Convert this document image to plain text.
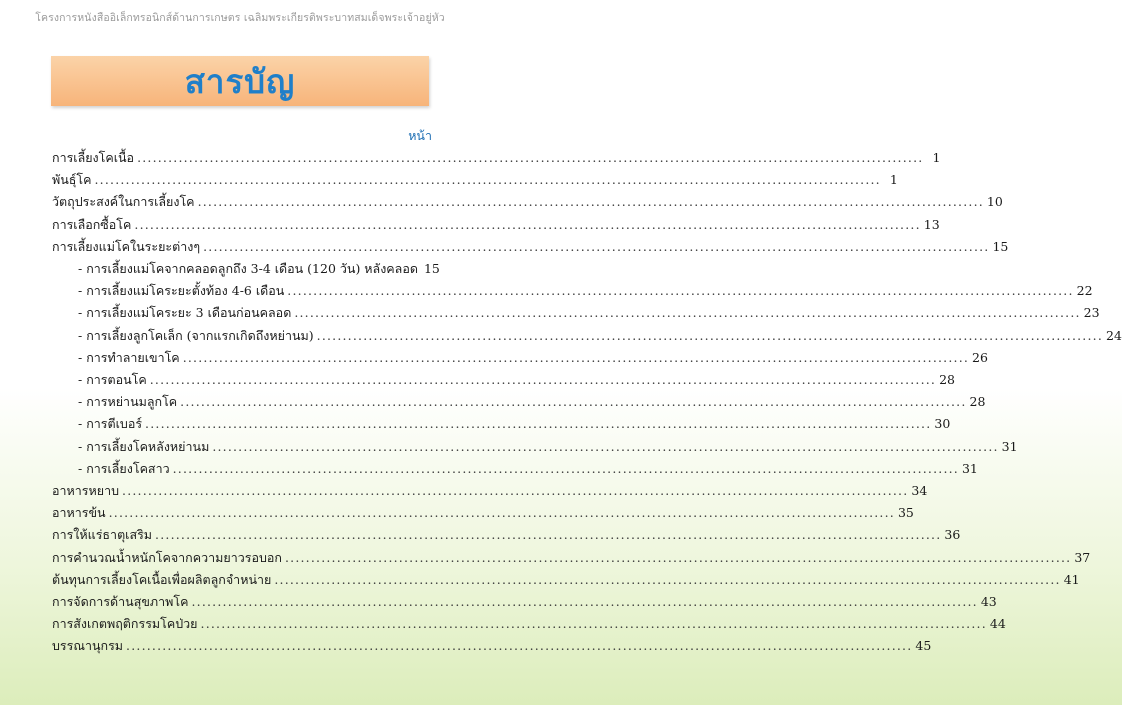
โครงการหนังสืออิเล็กทรอนิกส์ด้านการเกษตร เฉลิมพระเกียรติพระบาทสมเด็จพระเจ้าอยู่หัว
สารบัญ
หน้า
การเลี้ยงโคเนื้อ .....	1
พันธุ์โค .....	1
วัตถุประสงค์ในการเลี้ยงโค .....	10
การเลือกซื้อโค .....	13
การเลี้ยงแม่โคในระยะต่างๆ .....	15
- การเลี้ยงแม่โคจากคลอดลูกถึง 3-4 เดือน (120 วัน) หลังคลอด 15
- การเลี้ยงแม่โคระยะตั้งท้อง 4-6 เดือน .....	22
- การเลี้ยงแม่โคระยะ 3 เดือนก่อนคลอด .....	23
- การเลี้ยงลูกโคเล็ก (จากแรกเกิดถึงหย่านม) .....	24
- การทำลายเขาโค .....	26
- การตอนโค .....	28
- การหย่านมลูกโค .....	28
- การตีเบอร์ .....	30
- การเลี้ยงโคหลังหย่านม .....	31
- การเลี้ยงโคสาว .....	31
อาหารหยาบ .....	34
อาหารข้น .....	35
การให้แร่ธาตุเสริม .....	36
การคำนวณน้ำหนักโคจากความยาวรอบอก .....	37
ต้นทุนการเลี้ยงโคเนื้อเพื่อผลิตลูกจำหน่าย .....	41
การจัดการด้านสุขภาพโค .....	43
การสังเกตพฤติกรรมโคป่วย .....	44
บรรณานุกรม .....	45
